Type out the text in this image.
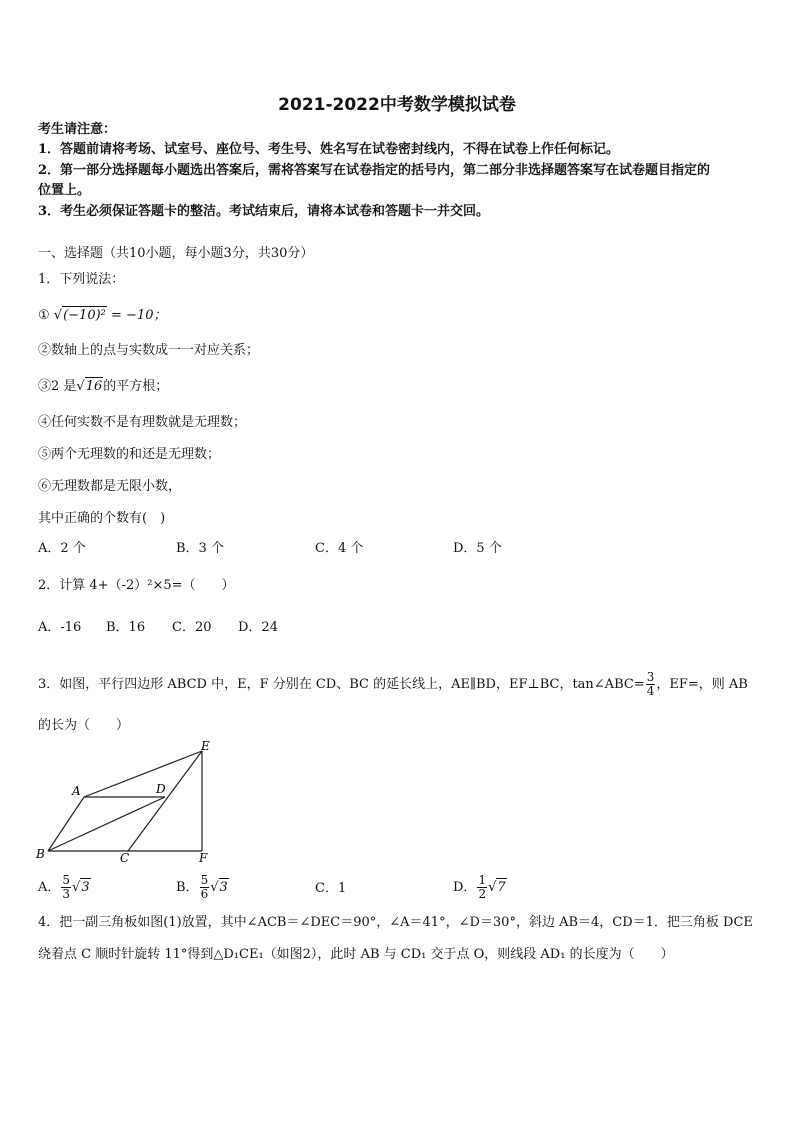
2021-2022中考数学模拟试卷
考生请注意：
1．答题前请将考场、试室号、座位号、考生号、姓名写在试卷密封线内，不得在试卷上作任何标记。
2．第一部分选择题每小题选出答案后，需将答案写在试卷指定的括号内，第二部分非选择题答案写在试卷题目指定的
位置上。
3．考生必须保证答题卡的整洁。考试结束后，请将本试卷和答题卡一并交回。
一、选择题（共10小题，每小题3分，共30分）
1．下列说法：
① √(−10)² = −10；
②数轴上的点与实数成一一对应关系；
③2 是√16的平方根；
④任何实数不是有理数就是无理数；
⑤两个无理数的和还是无理数；
⑥无理数都是无限小数，
其中正确的个数有(　)
A．2 个	B．3 个	C．4 个	D．5 个
2．计算 4+（-2）²×5=（　　）
A．-16 B．16 C．20 D．24
3．如图，平行四边形 ABCD 中，E，F 分别在 CD、BC 的延长线上，AE∥BD，EF⊥BC，tan∠ABC= $\frac{3}{4}$ ，EF=，则 AB
的长为（　　）
E
A	D
B	C	F
A． $\frac{5}{3} √3$	B． $\frac{5}{6} √3$	C．1	D． $\frac{1}{2} √7$
4．把一副三角板如图(1)放置，其中∠ACB＝∠DEC＝90°，∠A＝41°，∠D＝30°，斜边 AB＝4，CD＝1．把三角板 DCE
绕着点 C 顺时针旋转 11°得到△D₁CE₁（如图2），此时 AB 与 CD₁ 交于点 O，则线段 AD₁ 的长度为（　　）
